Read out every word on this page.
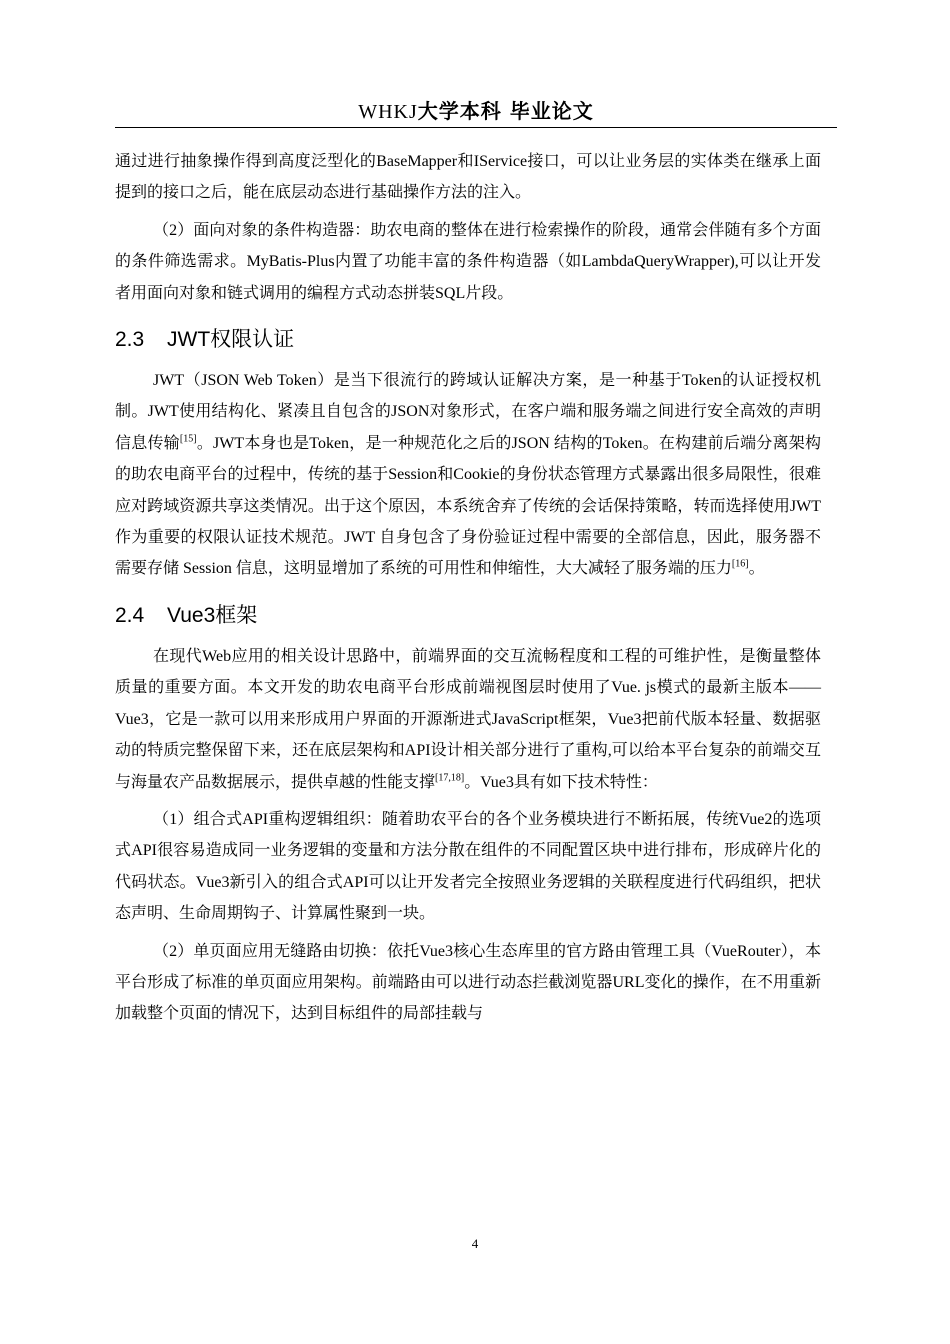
WHKJ大学本科 毕业论文

通过进行抽象操作得到高度泛型化的BaseMapper和IService接口，可以让业务层的实体类在继承上面提到的接口之后，能在底层动态进行基础操作方法的注入。

（2）面向对象的条件构造器：助农电商的整体在进行检索操作的阶段，通常会伴随有多个方面的条件筛选需求。MyBatis-Plus内置了功能丰富的条件构造器（如LambdaQueryWrapper),可以让开发者用面向对象和链式调用的编程方式动态拼装SQL片段。

2.3 JWT权限认证

JWT（JSON Web Token）是当下很流行的跨域认证解决方案，是一种基于Token的认证授权机制。JWT使用结构化、紧凑且自包含的JSON对象形式，在客户端和服务端之间进行安全高效的声明信息传输[15]。JWT本身也是Token，是一种规范化之后的JSON 结构的Token。在构建前后端分离架构的助农电商平台的过程中，传统的基于Session和Cookie的身份状态管理方式暴露出很多局限性，很难应对跨域资源共享这类情况。出于这个原因，本系统舍弃了传统的会话保持策略，转而选择使用JWT作为重要的权限认证技术规范。JWT 自身包含了身份验证过程中需要的全部信息，因此，服务器不需要存储 Session 信息，这明显增加了系统的可用性和伸缩性，大大减轻了服务端的压力[16]。

2.4 Vue3框架

在现代Web应用的相关设计思路中，前端界面的交互流畅程度和工程的可维护性，是衡量整体质量的重要方面。本文开发的助农电商平台形成前端视图层时使用了Vue. js模式的最新主版本——Vue3，它是一款可以用来形成用户界面的开源渐进式JavaScript框架，Vue3把前代版本轻量、数据驱动的特质完整保留下来，还在底层架构和API设计相关部分进行了重构,可以给本平台复杂的前端交互与海量农产品数据展示，提供卓越的性能支撑[17,18]。Vue3具有如下技术特性：

（1）组合式API重构逻辑组织：随着助农平台的各个业务模块进行不断拓展，传统Vue2的选项式API很容易造成同一业务逻辑的变量和方法分散在组件的不同配置区块中进行排布，形成碎片化的代码状态。Vue3新引入的组合式API可以让开发者完全按照业务逻辑的关联程度进行代码组织，把状态声明、生命周期钩子、计算属性聚到一块。

（2）单页面应用无缝路由切换：依托Vue3核心生态库里的官方路由管理工具（VueRouter），本平台形成了标准的单页面应用架构。前端路由可以进行动态拦截浏览器URL变化的操作，在不用重新加载整个页面的情况下，达到目标组件的局部挂载与

4
